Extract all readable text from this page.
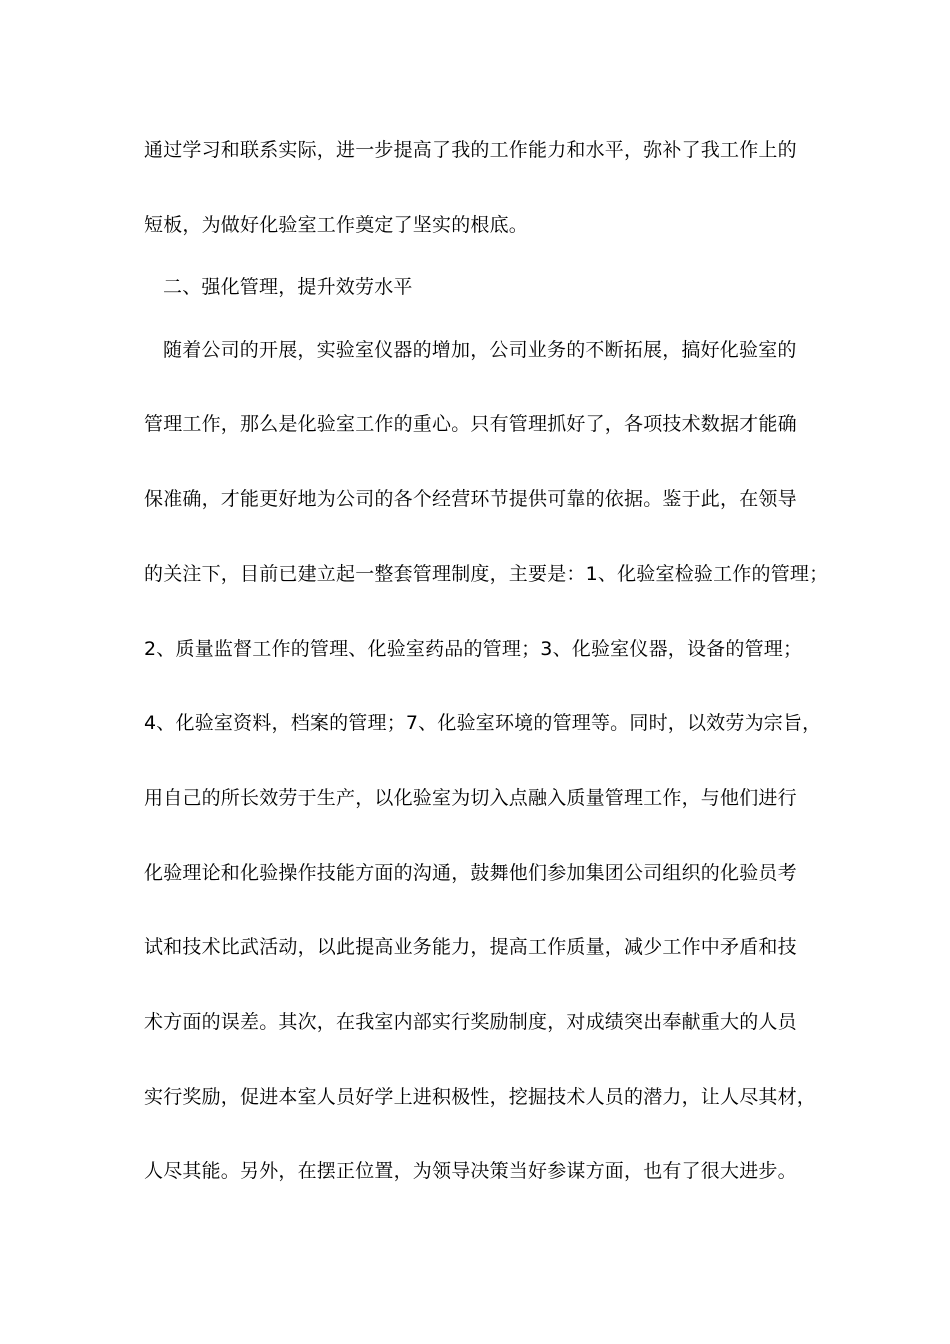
通过学习和联系实际，进一步提高了我的工作能力和水平，弥补了我工作上的
短板，为做好化验室工作奠定了坚实的根底。
二、强化管理，提升效劳水平
随着公司的开展，实验室仪器的增加，公司业务的不断拓展，搞好化验室的
管理工作，那么是化验室工作的重心。只有管理抓好了，各项技术数据才能确
保准确，才能更好地为公司的各个经营环节提供可靠的依据。鉴于此，在领导
的关注下，目前已建立起一整套管理制度，主要是：1、化验室检验工作的管理；
2、质量监督工作的管理、化验室药品的管理；3、化验室仪器，设备的管理；
4、化验室资料，档案的管理；7、化验室环境的管理等。同时，以效劳为宗旨，
用自己的所长效劳于生产，以化验室为切入点融入质量管理工作，与他们进行
化验理论和化验操作技能方面的沟通，鼓舞他们参加集团公司组织的化验员考
试和技术比武活动，以此提高业务能力，提高工作质量，减少工作中矛盾和技
术方面的误差。其次，在我室内部实行奖励制度，对成绩突出奉献重大的人员
实行奖励，促进本室人员好学上进积极性，挖掘技术人员的潜力，让人尽其材，
人尽其能。另外，在摆正位置，为领导决策当好参谋方面，也有了很大进步。
